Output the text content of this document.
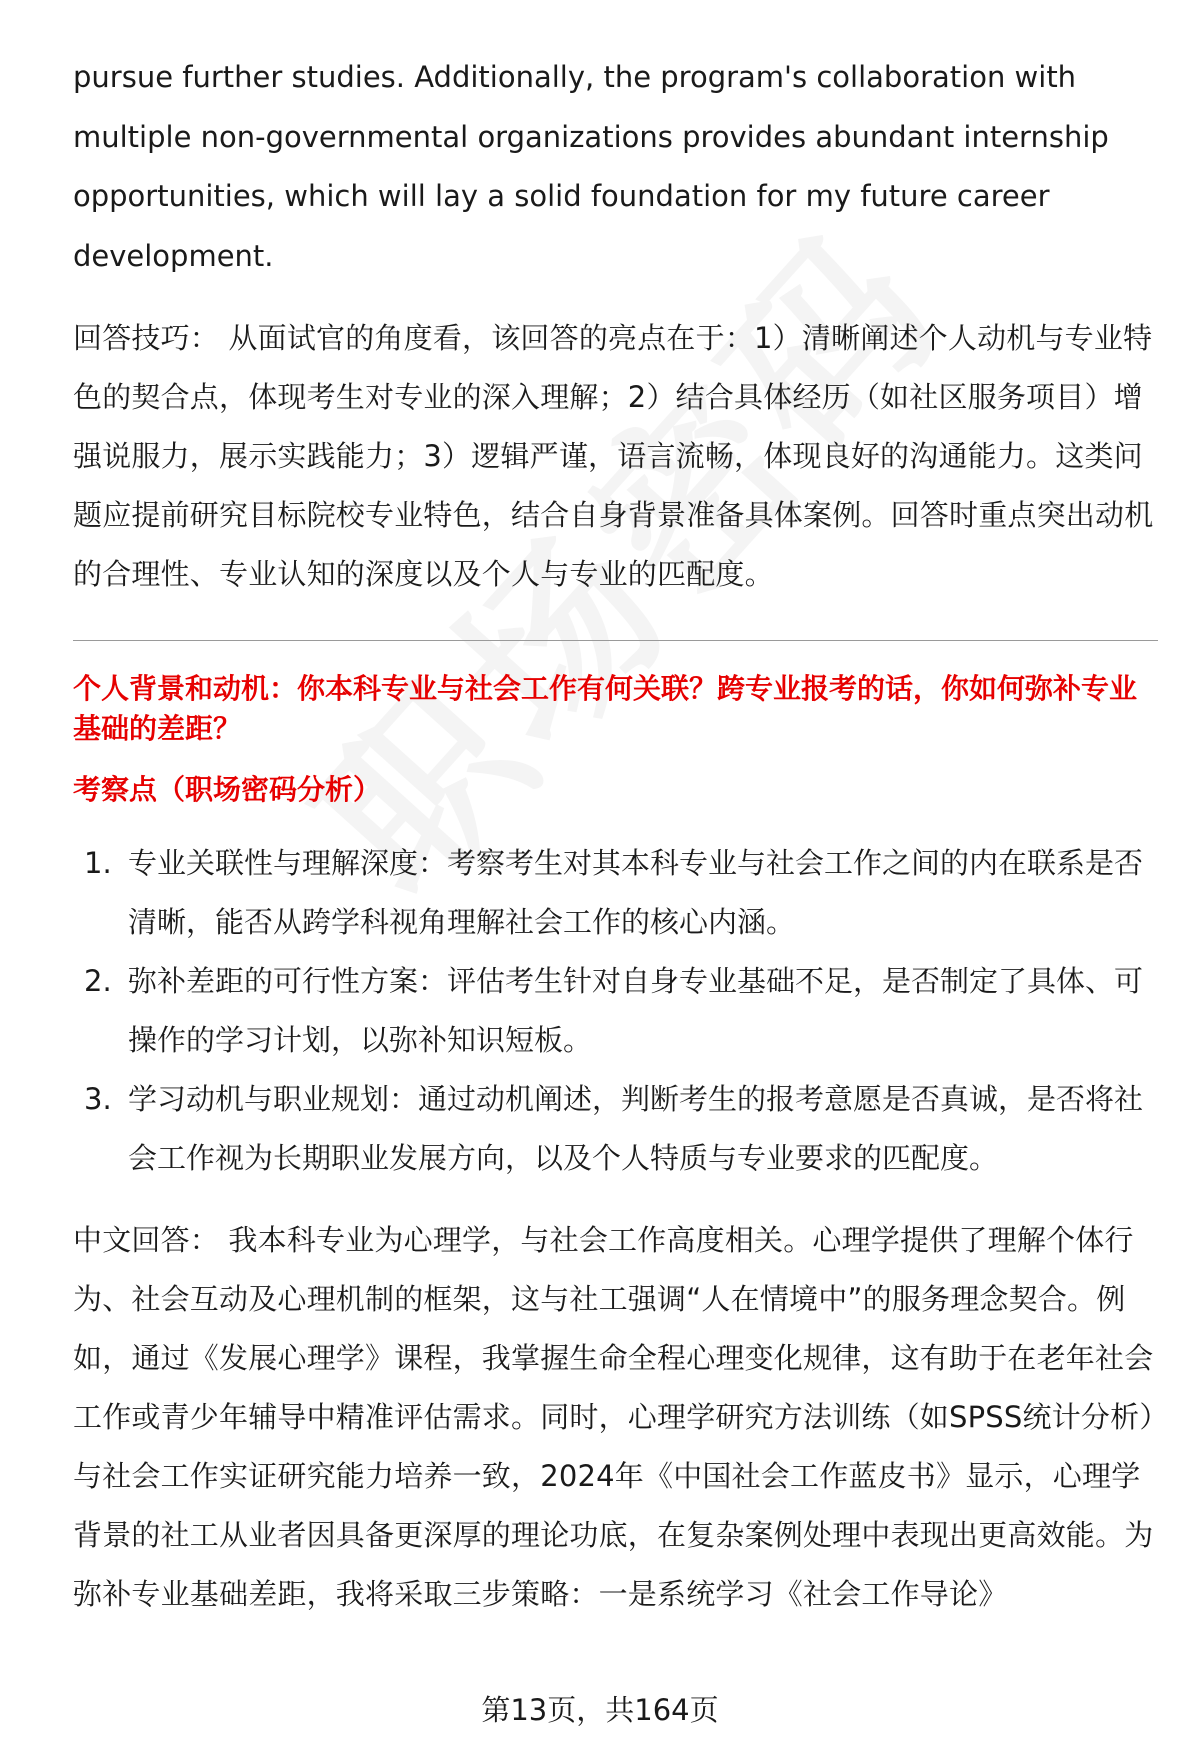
pursue further studies. Additionally, the program's collaboration with multiple non-governmental organizations provides abundant internship opportunities, which will lay a solid foundation for my future career development.

回答技巧： 从面试官的角度看，该回答的亮点在于：1）清晰阐述个人动机与专业特色的契合点，体现考生对专业的深入理解；2）结合具体经历（如社区服务项目）增强说服力，展示实践能力；3）逻辑严谨，语言流畅，体现良好的沟通能力。这类问题应提前研究目标院校专业特色，结合自身背景准备具体案例。回答时重点突出动机的合理性、专业认知的深度以及个人与专业的匹配度。

个人背景和动机：你本科专业与社会工作有何关联？跨专业报考的话，你如何弥补专业基础的差距？

考察点（职场密码分析）

1. 专业关联性与理解深度：考察考生对其本科专业与社会工作之间的内在联系是否清晰，能否从跨学科视角理解社会工作的核心内涵。
2. 弥补差距的可行性方案：评估考生针对自身专业基础不足，是否制定了具体、可操作的学习计划，以弥补知识短板。
3. 学习动机与职业规划：通过动机阐述，判断考生的报考意愿是否真诚，是否将社会工作视为长期职业发展方向，以及个人特质与专业要求的匹配度。

中文回答： 我本科专业为心理学，与社会工作高度相关。心理学提供了理解个体行为、社会互动及心理机制的框架，这与社工强调“人在情境中”的服务理念契合。例如，通过《发展心理学》课程，我掌握生命全程心理变化规律，这有助于在老年社会工作或青少年辅导中精准评估需求。同时，心理学研究方法训练（如SPSS统计分析）与社会工作实证研究能力培养一致，2024年《中国社会工作蓝皮书》显示，心理学背景的社工从业者因具备更深厚的理论功底，在复杂案例处理中表现出更高效能。为弥补专业基础差距，我将采取三步策略：一是系统学习《社会工作导论》

第13页，共164页
